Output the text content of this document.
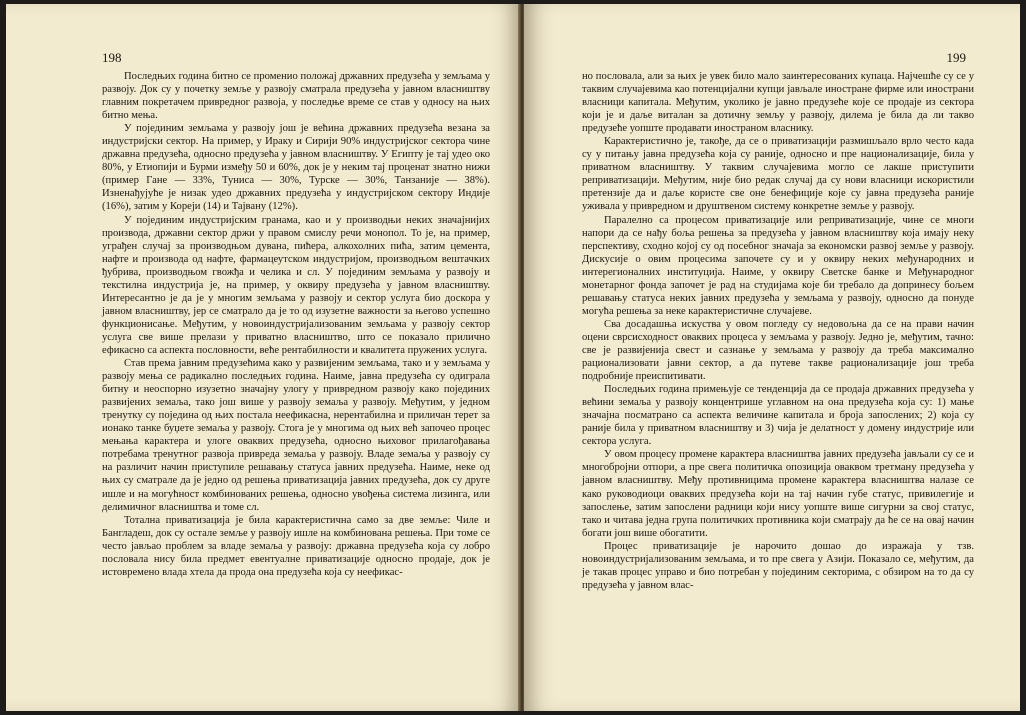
198

Последњих година битно се променио положај државних предузећа у земљама у развоју. Док су у почетку земље у развоју сматрала предузећа у јавном власништву главним покретачем привредног развоја, у последње време се став у односу на њих битно мења.

У појединим земљама у развоју још је већина државних предузећа везана за индустријски сектор. На пример, у Ираку и Сирији 90% индустријског сектора чине државна предузећа, односно предузећа у јавном власништву. У Египту је тај удео око 80%, у Етиопији и Бурми између 50 и 60%, док је у неким тај проценат знатно нижи (пример Гане — 33%, Туниса — 30%, Турске — 30%, Танзаније — 38%). Изненађујуће је низак удео државних предузећа у индустријском сектору Индије (16%), затим у Кореји (14) и Тајвану (12%).

У појединим индустријским гранама, као и у производњи неких значајнијих производа, државни сектор држи у правом смислу речи монопол. То је, на пример, уграђен случај за производњом дувана, пићера, алкохолних пића, затим цемента, нафте и производа од нафте, фармацеутском индустријом, производњом вештачких ђубрива, производњом гвожђа и челика и сл. У појединим земљама у развоју и текстилна индустрија је, на пример, у оквиру предузећа у јавном власништву. Интересантно је да је у многим земљама у развоју и сектор услуга био доскора у јавном власништву, јер се сматрало да је то од изузетне важности за његово успешно функционисање. Међутим, у новоиндустријализованим земљама у развоју сектор услуга све више прелази у приватно власништво, што се показало прилично ефикасно са аспекта пословности, веће рентабилности и квалитета пружених услуга.

Став према јавним предузећима како у развијеним земљама, тако и у земљама у развоју мења се радикално последњих година. Наиме, јавна предузећа су одиграла битну и неоспорно изузетно значајну улогу у привредном развоју како појединих развијених земаља, тако још више у развоју земаља у развоју. Међутим, у једном тренутку су поједина од њих постала неефикасна, нерентабилна и приличан терет за ионако танке буџете земаља у развоју. Стога је у многима од њих већ започео процес мењања карактера и улоге оваквих предузећа, односно њиховог прилагођавања потребама тренутног развоја привреда земаља у развоју. Владе земаља у развоју су на различит начин приступиле решавању статуса јавних предузећа. Наиме, неке од њих су сматрале да је једно од решења приватизација јавних предузећа, док су друге ишле и на могућност комбинованих решења, односно увођења система лизинга, или делимичног власништва и томе сл.

Тотална приватизација је била карактеристична само за две земље: Чиле и Бангладеш, док су остале земље у развоју ишле на комбинована решења. При томе се често јављао проблем за владе земаља у развоју: државна предузећа која су лобро пословала нису била предмет евентуалне приватизације односно продаје, док је истовремено влада хтела да прода она предузећа која су неефикас-

199

но пословала, али за њих је увек било мало заинтересованих купаца. Најчешће су се у таквим случајевима као потенцијални купци јављале иностране фирме или инострани власници капитала. Међутим, уколико је јавно предузеће које се продаје из сектора који је и даље виталан за дотичну земљу у развоју, дилема је била да ли такво предузеће уопште продавати иностраном власнику.

Карактеристично је, такође, да се о приватизацији размишљало врло често када су у питању јавна предузећа која су раније, односно и пре национализације, била у приватном власништву. У таквим случајевима могло се лакше приступити реприватизацији. Међутим, није био редак случај да су нови власници искористили претензије да и даље користе све оне бенефиције које су јавна предузећа раније уживала у привредном и друштвеном систему конкретне земље у развоју.

Паралелно са процесом приватизације или реприватизације, чине се многи напори да се нађу боља решења за предузећа у јавном власништву која имају неку перспективу, сходно којој су од посебног значаја за економски развој земље у развоју. Дискусије о овим процесима започете су и у оквиру неких међународних и интерегионалних институција. Наиме, у оквиру Светске банке и Међународног монетарног фонда започет је рад на студијама које би требало да допринесу бољем решавању статуса неких јавних предузећа у земљама у развоју, односно да понуде могућа решења за неке карактеристичне случајеве.

Сва досадашња искуства у овом погледу су недовољна да се на прави начин оцени сврсисходност оваквих процеса у земљама у развоју. Једно је, међутим, тачно: све је развијенија свест и сазнање у земљама у развоју да треба максимално рационализовати јавни сектор, а да путеве такве рационализације још треба подробније преиспитивати.

Последњих година примењује се тенденција да се продаја државних предузећа у већини земаља у развоју концентрише углавном на она предузећа која су: 1) мање значајна посматрано са аспекта величине капитала и броја запослених; 2) која су раније била у приватном власништву и 3) чија је делатност у домену индустрије или сектора услуга.

У овом процесу промене карактера власништва јавних предузећа јављали су се и многобројни отпори, а пре свега политичка опозиција оваквом третману предузећа у јавном власништву. Међу противницима промене карактера власништва налазе се како руководиоци оваквих предузећа који на тај начин губе статус, привилегије и запослење, затим запослени радници који нису уопште више сигурни за свој статус, тако и читава једна група политичких противника који сматрају да ће се на овај начин богати још више обогатити.

Процес приватизације је нарочито дошао до изражаја у тзв. новоиндустријализованим земљама, и то пре свега у Азији. Показало се, међутим, да је такав процес управо и био потребан у појединим секторима, с обзиром на то да су предузећа у јавном влас-
